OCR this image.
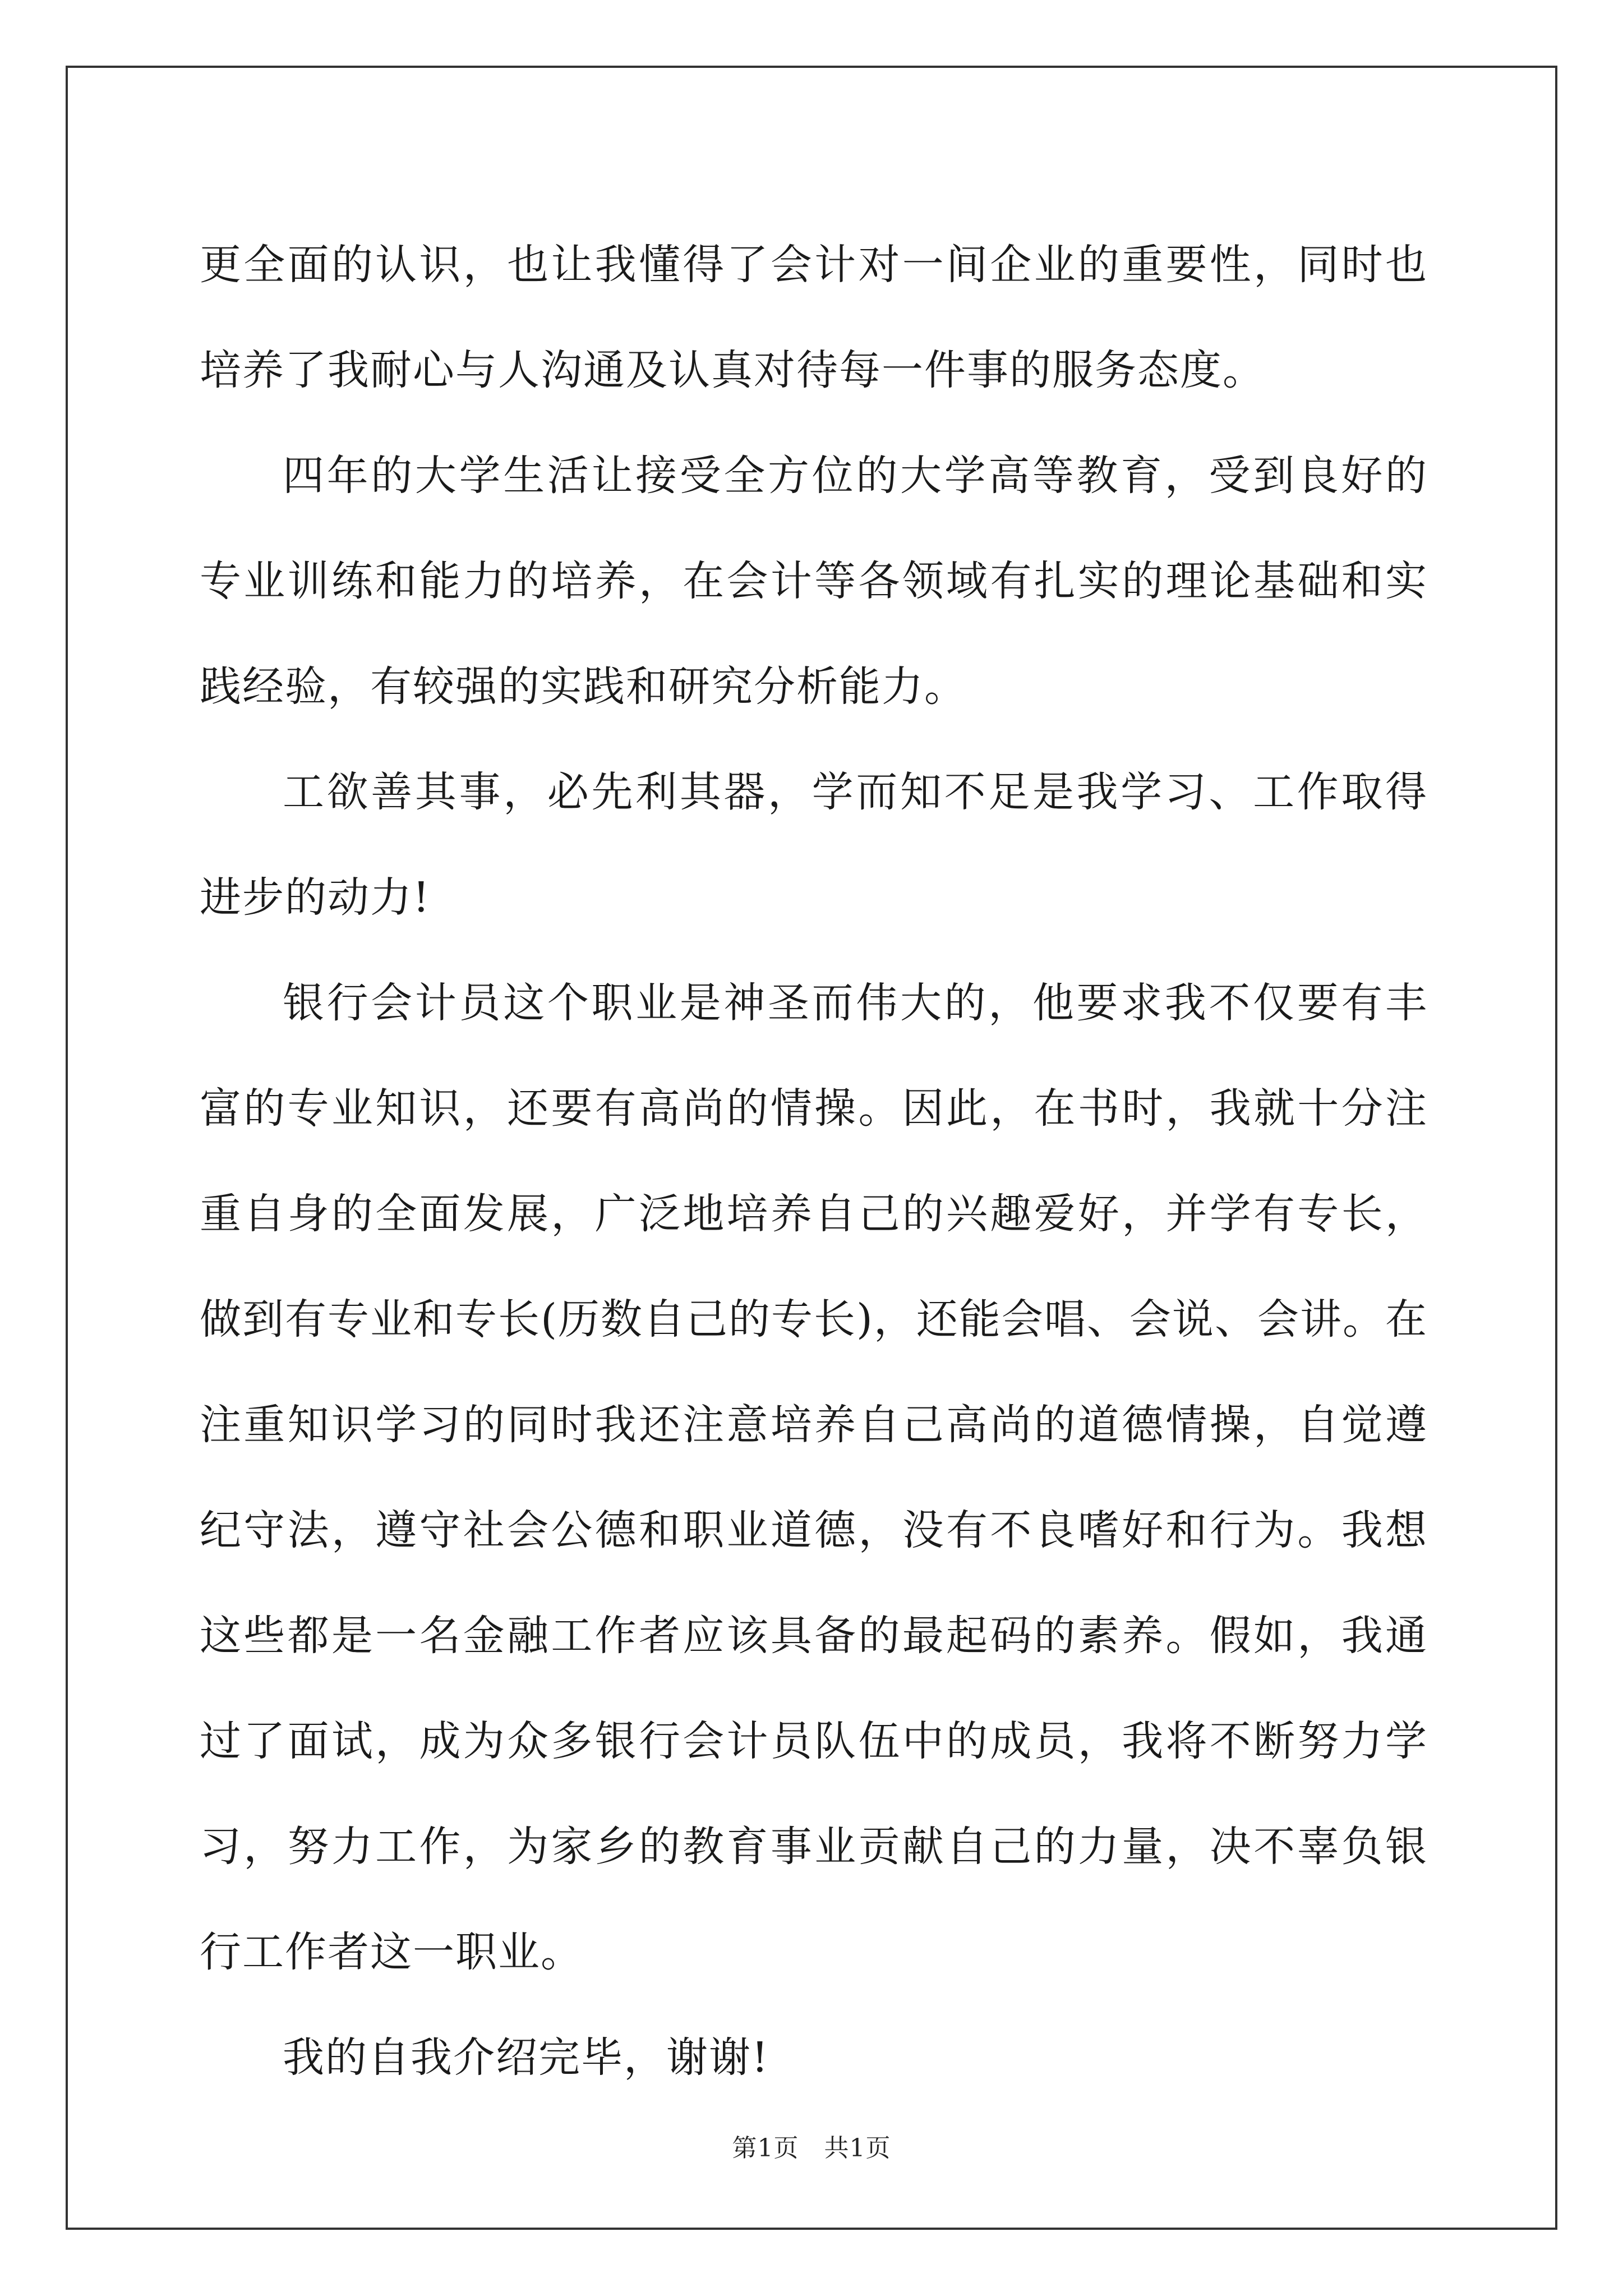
更全面的认识，也让我懂得了会计对一间企业的重要性，同时也培养了我耐心与人沟通及认真对待每一件事的服务态度。

四年的大学生活让接受全方位的大学高等教育，受到良好的专业训练和能力的培养，在会计等各领域有扎实的理论基础和实践经验，有较强的实践和研究分析能力。

工欲善其事，必先利其器，学而知不足是我学习、工作取得进步的动力!

银行会计员这个职业是神圣而伟大的，他要求我不仅要有丰富的专业知识，还要有高尚的情操。因此，在书时，我就十分注重自身的全面发展，广泛地培养自己的兴趣爱好，并学有专长，做到有专业和专长(历数自己的专长)，还能会唱、会说、会讲。在注重知识学习的同时我还注意培养自己高尚的道德情操，自觉遵纪守法，遵守社会公德和职业道德，没有不良嗜好和行为。我想这些都是一名金融工作者应该具备的最起码的素养。假如，我通过了面试，成为众多银行会计员队伍中的成员，我将不断努力学习，努力工作，为家乡的教育事业贡献自己的力量，决不辜负银行工作者这一职业。

我的自我介绍完毕，谢谢!

第1页　共1页
